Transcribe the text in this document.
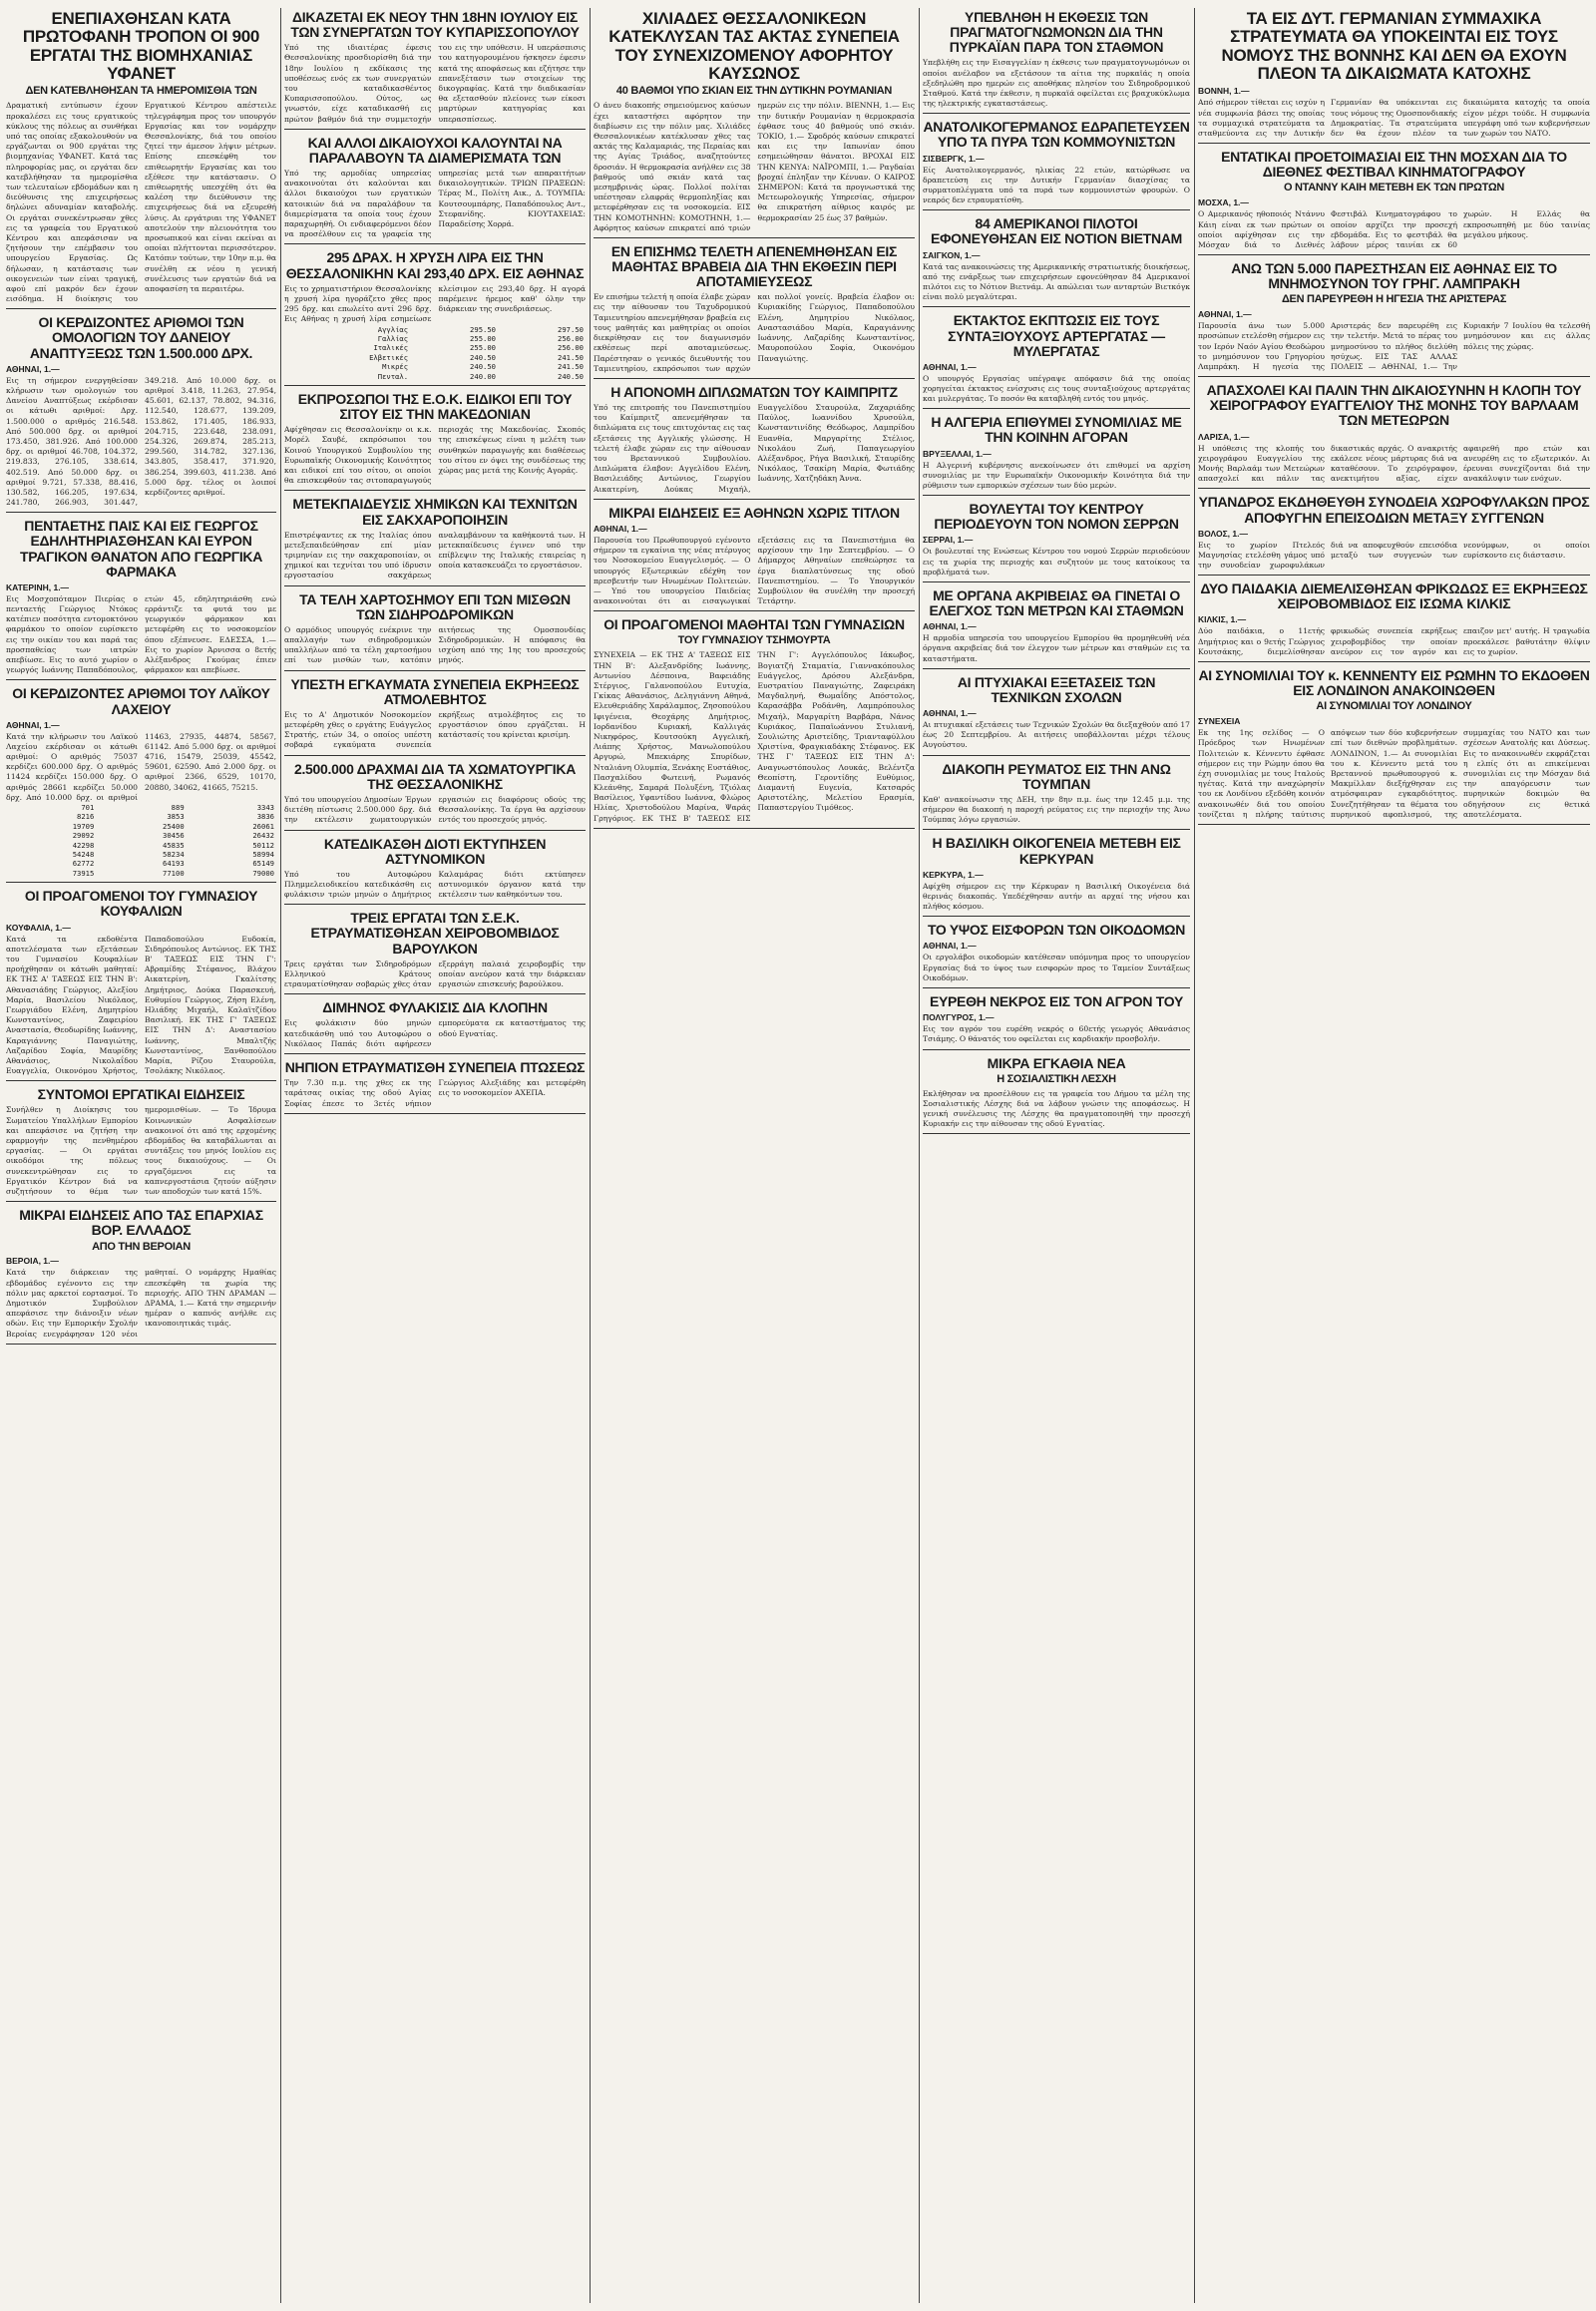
ΕΝΕΠΙΑΧΘΗΣΑΝ ΚΑΤΑ ΠΡΩΤΟΦΑΝΗ ΤΡΟΠΟΝ ΟΙ 900 ΕΡΓΑΤΑΙ ΤΗΣ ΒΙΟΜΗΧΑΝΙΑΣ ΥΦΑΝΕΤ
ΔΕΝ ΚΑΤΕΒΛΗΘΗΣΑΝ ΤΑ ΗΜΕΡΟΜΙΣΘΙΑ ΤΩΝ

Δραματική εντύπωσιν έχουν προκαλέσει εις τους εργατικούς κύκλους της πόλεως αι συνθήκαι υπό τας οποίας εξακολουθούν να εργάζωνται οι 900 εργάται της βιομηχανίας ΥΦΑΝΕΤ. Κατά τας πληροφορίας μας, οι εργάται δεν κατεβλήθησαν τα ημερομίσθια των τελευταίων εβδομάδων και η διεύθυνσις της επιχειρήσεως δηλώνει αδυναμίαν καταβολής. Οι εργάται συνεκέντρωσαν χθες εις τα γραφεία του Εργατικού Κέντρου και απεφάσισαν να ζητήσουν την επέμβασιν του υπουργείου Εργασίας. Ως δήλωσαν, η κατάστασις των οικογενειών των είναι τραγική, αφού επί μακρόν δεν έχουν εισόδημα. Η διοίκησις του Εργατικού Κέντρου απέστειλε τηλεγράφημα προς τον υπουργόν Εργασίας και τον νομάρχην Θεσσαλονίκης, διά του οποίου ζητεί την άμεσον λήψιν μέτρων. Επίσης επεσκέφθη τον επιθεωρητήν Εργασίας και του εξέθεσε την κατάστασιν. Ο επιθεωρητής υπεσχέθη ότι θα καλέση την διεύθυνσιν της επιχειρήσεως διά να εξευρεθή λύσις. Αι εργάτριαι της ΥΦΑΝΕΤ αποτελούν την πλειονότητα του προσωπικού και είναι εκείναι αι οποίαι πλήττονται περισσότερον. Κατόπιν τούτων, την 10ην π.μ. θα συνέλθη εκ νέου η γενική συνέλευσις των εργατών διά να αποφασίση τα περαιτέρω.

ΟΙ ΚΕΡΔΙΖΟΝΤΕΣ ΑΡΙΘΜΟΙ ΤΩΝ ΟΜΟΛΟΓΙΩΝ ΤΟΥ ΔΑΝΕΙΟΥ ΑΝΑΠΤΥΞΕΩΣ ΤΩΝ 1.500.000 ΔΡΧ.
ΑΘΗΝΑΙ, 1.—

Εις τη σήμερον ενεργηθείσαν κλήρωσιν των ομολογιών του Δανείου Αναπτύξεως εκέρδισαν οι κάτωθι αριθμοί: Δρχ. 1.500.000 ο αριθμός 216.548. Από 500.000 δρχ. οι αριθμοί 173.450, 381.926. Από 100.000 δρχ. οι αριθμοί 46.708, 104.372, 219.833, 276.105, 338.614, 402.519. Από 50.000 δρχ. οι αριθμοί 9.721, 57.338, 88.416, 130.582, 166.205, 197.634, 241.780, 266.903, 301.447, 349.218. Από 10.000 δρχ. οι αριθμοί 3.418, 11.263, 27.954, 45.601, 62.137, 78.802, 94.316, 112.540, 128.677, 139.209, 153.862, 171.405, 186.933, 204.715, 223.648, 238.091, 254.326, 269.874, 285.213, 299.560, 314.782, 327.136, 343.805, 358.417, 371.920, 386.254, 399.603, 411.238. Από 5.000 δρχ. τέλος οι λοιποί κερδίζοντες αριθμοί.

ΠΕΝΤΑΕΤΗΣ ΠΑΙΣ ΚΑΙ ΕΙΣ ΓΕΩΡΓΟΣ ΕΔΗΛΗΤΗΡΙΑΣΘΗΣΑΝ ΚΑΙ ΕΥΡΟΝ ΤΡΑΓΙΚΟΝ ΘΑΝΑΤΟΝ ΑΠΟ ΓΕΩΡΓΙΚΑ ΦΑΡΜΑΚΑ
ΚΑΤΕΡΙΝΗ, 1.—

Εις Μοσχοπόταμον Πιερίας ο πενταετής Γεώργιος Ντόκος κατέπιεν ποσότητα εντομοκτόνου φαρμάκου το οποίον ευρίσκετο εις την οικίαν του και παρά τας προσπαθείας των ιατρών απεβίωσε. Εις το αυτό χωρίον ο γεωργός Ιωάννης Παπαδόπουλος, ετών 45, εδηλητηριάσθη ενώ ερράντιζε τα φυτά του με γεωργικόν φάρμακον και μετεφέρθη εις το νοσοκομείον όπου εξέπνευσε. ΕΔΕΣΣΑ, 1.— Εις το χωρίον Άρνισσα ο 8ετής Αλέξανδρος Γκούμας έπιεν φάρμακον και απεβίωσε.

ΟΙ ΚΕΡΔΙΖΟΝΤΕΣ ΑΡΙΘΜΟΙ ΤΟΥ ΛΑΪΚΟΥ ΛΑΧΕΙΟΥ
ΑΘΗΝΑΙ, 1.—

Κατά την κλήρωσιν του Λαϊκού Λαχείου εκέρδισαν οι κάτωθι αριθμοί: Ο αριθμός 75037 κερδίζει 600.000 δρχ. Ο αριθμός 11424 κερδίζει 150.000 δρχ. Ο αριθμός 28661 κερδίζει 50.000 δρχ. Από 10.000 δρχ. οι αριθμοί 11463, 27935, 44874, 58567, 61142. Από 5.000 δρχ. οι αριθμοί 4716, 15479, 25039, 45542, 59601, 62590. Από 2.000 δρχ. οι αριθμοί 2366, 6529, 10170, 20880, 34062, 41665, 75215.

701	889	3343
8216	3853	3836
19709	25400	26061
29092	30456	26432
42298	45835	50112
54248	58234	58994
62772	64193	65149
73915	77100	79000
ΟΙ ΠΡΟΑΓΟΜΕΝΟΙ ΤΟΥ ΓΥΜΝΑΣΙΟΥ ΚΟΥΦΑΛΙΩΝ
ΚΟΥΦΑΛΙΑ, 1.—

Κατά τα εκδοθέντα αποτελέσματα των εξετάσεων του Γυμνασίου Κουφαλίων προήχθησαν οι κάτωθι μαθηταί: ΕΚ ΤΗΣ Α' ΤΑΞΕΩΣ ΕΙΣ ΤΗΝ Β': Αθανασιάδης Γεώργιος, Αλεξίου Μαρία, Βασιλείου Νικόλαος, Γεωργιάδου Ελένη, Δημητρίου Κωνσταντίνος, Ζαφειρίου Αναστασία, Θεοδωρίδης Ιωάννης, Καραγιάννης Παναγιώτης, Λαζαρίδου Σοφία, Μαυρίδης Αθανάσιος, Νικολαΐδου Ευαγγελία, Οικονόμου Χρήστος, Παπαδοπούλου Ευδοκία, Σιδηρόπουλος Αντώνιος. ΕΚ ΤΗΣ Β' ΤΑΞΕΩΣ ΕΙΣ ΤΗΝ Γ': Αβραμίδης Στέφανος, Βλάχου Αικατερίνη, Γκαλίτσης Δημήτριος, Δούκα Παρασκευή, Ευθυμίου Γεώργιος, Ζήση Ελένη, Ηλιάδης Μιχαήλ, Καλαϊτζίδου Βασιλική. ΕΚ ΤΗΣ Γ' ΤΑΞΕΩΣ ΕΙΣ ΤΗΝ Δ': Αναστασίου Ιωάννης, Μπαλτζής Κωνσταντίνος, Ξανθοπούλου Μαρία, Ρίζου Σταυρούλα, Τσολάκης Νικόλαος.

ΣΥΝΤΟΜΟΙ ΕΡΓΑΤΙΚΑΙ ΕΙΔΗΣΕΙΣ

Συνήλθεν η Διοίκησις του Σωματείου Υπαλλήλων Εμπορίου και απεφάσισε να ζητήση την εφαρμογήν της πενθημέρου εργασίας. — Οι εργάται οικοδόμοι της πόλεως συνεκεντρώθησαν εις το Εργατικόν Κέντρον διά να συζητήσουν το θέμα των ημερομισθίων. — Το Ίδρυμα Κοινωνικών Ασφαλίσεων ανακοινοί ότι από της ερχομένης εβδομάδος θα καταβάλωνται αι συντάξεις του μηνός Ιουλίου εις τους δικαιούχους. — Οι εργαζόμενοι εις τα καπνεργοστάσια ζητούν αύξησιν των αποδοχών των κατά 15%.

ΜΙΚΡΑΙ ΕΙΔΗΣΕΙΣ ΑΠΟ ΤΑΣ ΕΠΑΡΧΙΑΣ ΒΟΡ. ΕΛΛΑΔΟΣ
ΑΠΟ ΤΗΝ ΒΕΡΟΙΑΝ
ΒΕΡΟΙΑ, 1.—

Κατά την διάρκειαν της εβδομάδος εγένοντο εις την πόλιν μας αρκετοί εορτασμοί. Το Δημοτικόν Συμβούλιον απεφάσισε την διάνοιξιν νέων οδών. Εις την Εμπορικήν Σχολήν Βεροίας ενεγράφησαν 120 νέοι μαθηταί. Ο νομάρχης Ημαθίας επεσκέφθη τα χωρία της περιοχής. ΑΠΟ ΤΗΝ ΔΡΑΜΑΝ — ΔΡΑΜΑ, 1.— Κατά την σημερινήν ημέραν ο καπνός ανήλθε εις ικανοποιητικάς τιμάς.

ΔΙΚΑΖΕΤΑΙ ΕΚ ΝΕΟΥ ΤΗΝ 18ΗΝ ΙΟΥΛΙΟΥ ΕΙΣ ΤΩΝ ΣΥΝΕΡΓΑΤΩΝ ΤΟΥ ΚΥΠΑΡΙΣΣΟΠΟΥΛΟΥ

Υπό της ιδιαιτέρας έφεσις Θεσσαλονίκης προσδιορίσθη διά την 18ην Ιουλίου η εκδίκασις της υποθέσεως ενός εκ των συνεργατών του καταδικασθέντος Κυπαρισσοπούλου. Ούτος, ως γνωστόν, είχε καταδικασθή εις πρώτον βαθμόν διά την συμμετοχήν του εις την υπόθεσιν. Η υπεράσπισις του κατηγορουμένου ήσκησεν έφεσιν κατά της αποφάσεως και εζήτησε την επανεξέτασιν των στοιχείων της δικογραφίας. Κατά την διαδικασίαν θα εξετασθούν πλείονες των είκοσι μαρτύρων κατηγορίας και υπερασπίσεως.

ΚΑΙ ΑΛΛΟΙ ΔΙΚΑΙΟΥΧΟΙ ΚΑΛΟΥΝΤΑΙ ΝΑ ΠΑΡΑΛΑΒΟΥΝ ΤΑ ΔΙΑΜΕΡΙΣΜΑΤΑ ΤΩΝ

Υπό της αρμοδίας υπηρεσίας ανακοινούται ότι καλούνται και άλλοι δικαιούχοι των εργατικών κατοικιών διά να παραλάβουν τα διαμερίσματα τα οποία τους έχουν παραχωρηθή. Οι ενδιαφερόμενοι δέον να προσέλθουν εις τα γραφεία της υπηρεσίας μετά των απαραιτήτων δικαιολογητικών. ΤΡΙΩΝ ΠΡΑΞΕΩΝ: Τέρας Μ., Πολίτη Αικ., Δ. ΤΟΥΜΠΑ: Κουτσουμπάρης, Παπαδόπουλος Αντ., Στεφανίδης. ΚΙΟΥΤΑΧΕΙΑΣ: Παραδείσης Χορρά.

295 ΔΡΑΧ. Η ΧΡΥΣΗ ΛΙΡΑ ΕΙΣ ΤΗΝ ΘΕΣΣΑΛΟΝΙΚΗΝ ΚΑΙ 293,40 ΔΡΧ. ΕΙΣ ΑΘΗΝΑΣ

Εις το χρηματιστήριον Θεσσαλονίκης η χρυσή λίρα ηγοράζετο χθες προς 295 δρχ. και επωλείτο αντί 296 δρχ. Εις Αθήνας η χρυσή λίρα εσημείωσε κλείσιμον εις 293,40 δρχ. Η αγορά παρέμεινε ήρεμος καθ' όλην την διάρκειαν της συνεδριάσεως.

Αγγλίας	295.50	297.50
Γαλλίας	255.00	256.00
Ιταλικές	255.00	256.00
Ελβετικές	240.50	241.50
Μικρές	240.50	241.50
Πενταλ.	240.00	240.50
ΕΚΠΡΟΣΩΠΟΙ ΤΗΣ Ε.Ο.Κ. ΕΙΔΙΚΟΙ ΕΠΙ ΤΟΥ ΣΙΤΟΥ ΕΙΣ ΤΗΝ ΜΑΚΕΔΟΝΙΑΝ

Αφίχθησαν εις Θεσσαλονίκην οι κ.κ. Μορέλ Σαυβέ, εκπρόσωποι του Κοινού Υπουργικού Συμβουλίου της Ευρωπαϊκής Οικονομικής Κοινότητος και ειδικοί επί του σίτου, οι οποίοι θα επισκεφθούν τας σιτοπαραγωγούς περιοχάς της Μακεδονίας. Σκοπός της επισκέψεως είναι η μελέτη των συνθηκών παραγωγής και διαθέσεως του σίτου εν όψει της συνδέσεως της χώρας μας μετά της Κοινής Αγοράς.

ΜΕΤΕΚΠΑΙΔΕΥΣΙΣ ΧΗΜΙΚΩΝ ΚΑΙ ΤΕΧΝΙΤΩΝ ΕΙΣ ΣΑΚΧΑΡΟΠΟΙΗΣΙΝ

Επιστρέψαντες εκ της Ιταλίας όπου μετεξεπαιδεύθησαν επί μίαν τριμηνίαν εις την σακχαροποιίαν, οι χημικοί και τεχνίται του υπό ίδρυσιν εργοστασίου σακχάρεως αναλαμβάνουν τα καθήκοντά των. Η μετεκπαίδευσις έγινεν υπό την επίβλεψιν της Ιταλικής εταιρείας η οποία κατασκευάζει το εργοστάσιον.

ΤΑ ΤΕΛΗ ΧΑΡΤΟΣΗΜΟΥ ΕΠΙ ΤΩΝ ΜΙΣΘΩΝ ΤΩΝ ΣΙΔΗΡΟΔΡΟΜΙΚΩΝ

Ο αρμόδιος υπουργός ενέκρινε την απαλλαγήν των σιδηροδρομικών υπαλλήλων από τα τέλη χαρτοσήμου επί των μισθών των, κατόπιν αιτήσεως της Ομοσπονδίας Σιδηροδρομικών. Η απόφασις θα ισχύση από της 1ης του προσεχούς μηνός.

ΥΠΕΣΤΗ ΕΓΚΑΥΜΑΤΑ ΣΥΝΕΠΕΙΑ ΕΚΡΗΞΕΩΣ ΑΤΜΟΛΕΒΗΤΟΣ

Εις το Α' Δημοτικόν Νοσοκομείον μετεφέρθη χθες ο εργάτης Ευάγγελος Στρατής, ετών 34, ο οποίος υπέστη σοβαρά εγκαύματα συνεπεία εκρήξεως ατμολέβητος εις το εργοστάσιον όπου εργάζεται. Η κατάστασίς του κρίνεται κρισίμη.

2.500.000 ΔΡΑΧΜΑΙ ΔΙΑ ΤΑ ΧΩΜΑΤΟΥΡΓΙΚΑ ΤΗΣ ΘΕΣΣΑΛΟΝΙΚΗΣ

Υπό του υπουργείου Δημοσίων Έργων διετέθη πίστωσις 2.500.000 δρχ. διά την εκτέλεσιν χωματουργικών εργασιών εις διαφόρους οδούς της Θεσσαλονίκης. Τα έργα θα αρχίσουν εντός του προσεχούς μηνός.

ΚΑΤΕΔΙΚΑΣΘΗ ΔΙΟΤΙ ΕΚΤΥΠΗΣΕΝ ΑΣΤΥΝΟΜΙΚΟΝ

Υπό του Αυτοφώρου Πλημμελειοδικείου κατεδικάσθη εις φυλάκισιν τριών μηνών ο Δημήτριος Καλαμάρας διότι εκτύπησεν αστυνομικόν όργανον κατά την εκτέλεσιν των καθηκόντων του.

ΤΡΕΙΣ ΕΡΓΑΤΑΙ ΤΩΝ Σ.Ε.Κ. ΕΤΡΑΥΜΑΤΙΣΘΗΣΑΝ ΧΕΙΡΟΒΟΜΒΙΔΟΣ ΒΑΡΟΥΛΚΟΝ

Τρεις εργάται των Σιδηροδρόμων Ελληνικού Κράτους ετραυματίσθησαν σοβαρώς χθες όταν εξερράγη παλαιά χειροβομβίς την οποίαν ανεύρον κατά την διάρκειαν εργασιών επισκευής βαρούλκου.

ΔΙΜΗΝΟΣ ΦΥΛΑΚΙΣΙΣ ΔΙΑ ΚΛΟΠΗΝ

Εις φυλάκισιν δύο μηνών κατεδικάσθη υπό του Αυτοφώρου ο Νικόλαος Παπάς διότι αφήρεσεν εμπορεύματα εκ καταστήματος της οδού Εγνατίας.

ΝΗΠΙΟΝ ΕΤΡΑΥΜΑΤΙΣΘΗ ΣΥΝΕΠΕΙΑ ΠΤΩΣΕΩΣ

Την 7.30 π.μ. της χθες εκ της ταράτσας οικίας της οδού Αγίας Σοφίας έπεσε το 3ετές νήπιον Γεώργιος Αλεξιάδης και μετεφέρθη εις το νοσοκομείον ΑΧΕΠΑ.

ΧΙΛΙΑΔΕΣ ΘΕΣΣΑΛΟΝΙΚΕΩΝ ΚΑΤΕΚΛΥΣΑΝ ΤΑΣ ΑΚΤΑΣ ΣΥΝΕΠΕΙΑ ΤΟΥ ΣΥΝΕΧΙΖΟΜΕΝΟΥ ΑΦΟΡΗΤΟΥ ΚΑΥΣΩΝΟΣ
40 ΒΑΘΜΟΙ ΥΠΟ ΣΚΙΑΝ ΕΙΣ ΤΗΝ ΔΥΤΙΚΗΝ ΡΟΥΜΑΝΙΑΝ

Ο άνευ διακοπής σημειούμενος καύσων έχει καταστήσει αφόρητον την διαβίωσιν εις την πόλιν μας. Χιλιάδες Θεσσαλονικέων κατέκλυσαν χθες τας ακτάς της Καλαμαριάς, της Περαίας και της Αγίας Τριάδος, αναζητούντες δροσιάν. Η θερμοκρασία ανήλθεν εις 38 βαθμούς υπό σκιάν κατά τας μεσημβρινάς ώρας. Πολλοί πολίται υπέστησαν ελαφράς θερμοπληξίας και μετεφέρθησαν εις τα νοσοκομεία. ΕΙΣ ΤΗΝ ΚΟΜΟΤΗΝΗΝ: ΚΟΜΟΤΗΝΗ, 1.— Αφόρητος καύσων επικρατεί από τριών ημερών εις την πόλιν. ΒΙΕΝΝΗ, 1.— Εις την δυτικήν Ρουμανίαν η θερμοκρασία έφθασε τους 40 βαθμούς υπό σκιάν. ΤΟΚΙΟ, 1.— Σφοδρός καύσων επικρατεί και εις την Ιαπωνίαν όπου εσημειώθησαν θάνατοι. ΒΡΟΧΑΙ ΕΙΣ ΤΗΝ ΚΕΝΥΑ: ΝΑΪΡΟΜΠΙ, 1.— Ραγδαίαι βροχαί έπληξαν την Κένυαν. Ο ΚΑΙΡΟΣ ΣΗΜΕΡΟΝ: Κατά τα προγνωστικά της Μετεωρολογικής Υπηρεσίας, σήμερον θα επικρατήση αίθριος καιρός με θερμοκρασίαν 25 έως 37 βαθμών.

ΕΝ ΕΠΙΣΗΜΩ ΤΕΛΕΤΗ ΑΠΕΝΕΜΗΘΗΣΑΝ ΕΙΣ ΜΑΘΗΤΑΣ ΒΡΑΒΕΙΑ ΔΙΑ ΤΗΝ ΕΚΘΕΣΙΝ ΠΕΡΙ ΑΠΟΤΑΜΙΕΥΣΕΩΣ

Εν επισήμω τελετή η οποία έλαβε χώραν εις την αίθουσαν του Ταχυδρομικού Ταμιευτηρίου απενεμήθησαν βραβεία εις τους μαθητάς και μαθητρίας οι οποίοι διεκρίθησαν εις τον διαγωνισμόν εκθέσεως περί αποταμιεύσεως. Παρέστησαν ο γενικός διευθυντής του Ταμιευτηρίου, εκπρόσωποι των αρχών και πολλοί γονείς. Βραβεία έλαβον οι: Κυριακίδης Γεώργιος, Παπαδοπούλου Ελένη, Δημητρίου Νικόλαος, Αναστασιάδου Μαρία, Καραγιάννης Ιωάννης, Λαζαρίδης Κωνσταντίνος, Μαυροπούλου Σοφία, Οικονόμου Παναγιώτης.

Η ΑΠΟΝΟΜΗ ΔΙΠΛΩΜΑΤΩΝ ΤΟΥ ΚΑΙΜΠΡΙΤΖ

Υπό της επιτροπής του Πανεπιστημίου του Καίμπριτζ απενεμήθησαν τα διπλώματα εις τους επιτυχόντας εις τας εξετάσεις της Αγγλικής γλώσσης. Η τελετή έλαβε χώραν εις την αίθουσαν του Βρεταννικού Συμβουλίου. Διπλώματα έλαβον: Αγγελίδου Ελένη, Βασιλειάδης Αντώνιος, Γεωργίου Αικατερίνη, Δούκας Μιχαήλ, Ευαγγελίδου Σταυρούλα, Ζαχαριάδης Παύλος, Ιωαννίδου Χρυσούλα, Κωνσταντινίδης Θεόδωρος, Λαμπρίδου Ευανθία, Μαργαρίτης Στέλιος, Νικολάου Ζωή, Παπαγεωργίου Αλέξανδρος, Ρήγα Βασιλική, Σταυρίδης Νικόλαος, Τσακίρη Μαρία, Φωτιάδης Ιωάννης, Χατζηδάκη Άννα.

ΜΙΚΡΑΙ ΕΙΔΗΣΕΙΣ ΕΞ ΑΘΗΝΩΝ ΧΩΡΙΣ ΤΙΤΛΟΝ
ΑΘΗΝΑΙ, 1.—

Παρουσία του Πρωθυπουργού εγένοντο σήμερον τα εγκαίνια της νέας πτέρυγος του Νοσοκομείου Ευαγγελισμός. — Ο υπουργός Εξωτερικών εδέχθη τον πρεσβευτήν των Ηνωμένων Πολιτειών. — Υπό του υπουργείου Παιδείας ανακοινούται ότι αι εισαγωγικαί εξετάσεις εις τα Πανεπιστήμια θα αρχίσουν την 1ην Σεπτεμβρίου. — Ο Δήμαρχος Αθηναίων επεθεώρησε τα έργα διαπλατύνσεως της οδού Πανεπιστημίου. — Το Υπουργικόν Συμβούλιον θα συνέλθη την προσεχή Τετάρτην.

ΟΙ ΠΡΟΑΓΟΜΕΝΟΙ ΜΑΘΗΤΑΙ ΤΩΝ ΓΥΜΝΑΣΙΩΝ
ΤΟΥ ΓΥΜΝΑΣΙΟΥ ΤΣΗΜΟΥΡΤΑ

ΣΥΝΕΧΕΙΑ — ΕΚ ΤΗΣ Α' ΤΑΞΕΩΣ ΕΙΣ ΤΗΝ Β': Αλεξανδρίδης Ιωάννης, Αντωνίου Δέσποινα, Βαφειάδης Στέργιος, Γαλανοπούλου Ευτυχία, Γκίκας Αθανάσιος, Δεληγιάννη Αθηνά, Ελευθεριάδης Χαράλαμπος, Ζησοπούλου Ιφιγένεια, Θεοχάρης Δημήτριος, Ιορδανίδου Κυριακή, Καλλιγάς Νικηφόρος, Κουτσούκη Αγγελική, Λιάπης Χρήστος, Μανωλοπούλου Αργυρώ, Μπεκιάρης Σπυρίδων, Νταλιάνη Ολυμπία, Ξενάκης Ευστάθιος, Πασχαλίδου Φωτεινή, Ρωμανός Κλεάνθης, Σαμαρά Πολυξένη, Τζιόλας Βασίλειος, Υφαντίδου Ιωάννα, Φλώρος Ηλίας, Χριστοδούλου Μαρίνα, Ψαράς Γρηγόριος. ΕΚ ΤΗΣ Β' ΤΑΞΕΩΣ ΕΙΣ ΤΗΝ Γ': Αγγελόπουλος Ιάκωβος, Βογιατζή Σταματία, Γιαννακόπουλος Ευάγγελος, Δρόσου Αλεξάνδρα, Ευστρατίου Παναγιώτης, Ζαφειράκη Μαγδαληνή, Θωμαΐδης Απόστολος, Καρασάββα Ροδάνθη, Λαμπρόπουλος Μιχαήλ, Μαργαρίτη Βαρβάρα, Νάνος Κυριάκος, Παπαϊωάννου Στυλιανή, Σουλιώτης Αριστείδης, Τριανταφύλλου Χριστίνα, Φραγκιαδάκης Στέφανος. ΕΚ ΤΗΣ Γ' ΤΑΞΕΩΣ ΕΙΣ ΤΗΝ Δ': Αναγνωστόπουλος Λουκάς, Βελέντζα Θεοπίστη, Γεροντίδης Ευθύμιος, Διαμαντή Ευγενία, Κατσαρός Αριστοτέλης, Μελετίου Ερασμία, Παπαστεργίου Τιμόθεος.

ΥΠΕΒΛΗΘΗ Η ΕΚΘΕΣΙΣ ΤΩΝ ΠΡΑΓΜΑΤΟΓΝΩΜΟΝΩΝ ΔΙΑ ΤΗΝ ΠΥΡΚΑΪΑΝ ΠΑΡΑ ΤΟΝ ΣΤΑΘΜΟΝ

Υπεβλήθη εις την Εισαγγελίαν η έκθεσις των πραγματογνωμόνων οι οποίοι ανέλαβον να εξετάσουν τα αίτια της πυρκαϊάς η οποία εξεδηλώθη προ ημερών εις αποθήκας πλησίον του Σιδηροδρομικού Σταθμού. Κατά την έκθεσιν, η πυρκαϊά οφείλεται εις βραχυκύκλωμα της ηλεκτρικής εγκαταστάσεως.

ΑΝΑΤΟΛΙΚΟΓΕΡΜΑΝΟΣ ΕΔΡΑΠΕΤΕΥΣΕΝ ΥΠΟ ΤΑ ΠΥΡΑ ΤΩΝ ΚΟΜΜΟΥΝΙΣΤΩΝ
ΣΙΣΒΕΡΓΚ, 1.—

Είς Ανατολικογερμανός, ηλικίας 22 ετών, κατώρθωσε να δραπετεύση εις την Δυτικήν Γερμανίαν διασχίσας τα συρματοπλέγματα υπό τα πυρά των κομμουνιστών φρουρών. Ο νεαρός δεν ετραυματίσθη.

84 ΑΜΕΡΙΚΑΝΟΙ ΠΙΛΟΤΟΙ ΕΦΟΝΕΥΘΗΣΑΝ ΕΙΣ ΝΟΤΙΟΝ ΒΙΕΤΝΑΜ
ΣΑΙΓΚΟΝ, 1.—

Κατά τας ανακοινώσεις της Αμερικανικής στρατιωτικής διοικήσεως, από της ενάρξεως των επιχειρήσεων εφονεύθησαν 84 Αμερικανοί πιλότοι εις το Νότιον Βιετνάμ. Αι απώλειαι των ανταρτών Βιετκόγκ είναι πολύ μεγαλύτεραι.

ΕΚΤΑΚΤΟΣ ΕΚΠΤΩΣΙΣ ΕΙΣ ΤΟΥΣ ΣΥΝΤΑΞΙΟΥΧΟΥΣ ΑΡΤΕΡΓΑΤΑΣ — ΜΥΛΕΡΓΑΤΑΣ
ΑΘΗΝΑΙ, 1.—

Ο υπουργός Εργασίας υπέγραψε απόφασιν διά της οποίας χορηγείται έκτακτος ενίσχυσις εις τους συνταξιούχους αρτεργάτας και μυλεργάτας. Το ποσόν θα καταβληθή εντός του μηνός.

Η ΑΛΓΕΡΙΑ ΕΠΙΘΥΜΕΙ ΣΥΝΟΜΙΛΙΑΣ ΜΕ ΤΗΝ ΚΟΙΝΗΝ ΑΓΟΡΑΝ
ΒΡΥΞΕΛΛΑΙ, 1.—

Η Αλγερινή κυβέρνησις ανεκοίνωσεν ότι επιθυμεί να αρχίση συνομιλίας με την Ευρωπαϊκήν Οικονομικήν Κοινότητα διά την ρύθμισιν των εμπορικών σχέσεων των δύο μερών.

ΒΟΥΛΕΥΤΑΙ ΤΟΥ ΚΕΝΤΡΟΥ ΠΕΡΙΟΔΕΥΟΥΝ ΤΟΝ ΝΟΜΟΝ ΣΕΡΡΩΝ
ΣΕΡΡΑΙ, 1.—

Οι βουλευταί της Ενώσεως Κέντρου του νομού Σερρών περιοδεύουν εις τα χωρία της περιοχής και συζητούν με τους κατοίκους τα προβλήματά των.

ΜΕ ΟΡΓΑΝΑ ΑΚΡΙΒΕΙΑΣ ΘΑ ΓΙΝΕΤΑΙ Ο ΕΛΕΓΧΟΣ ΤΩΝ ΜΕΤΡΩΝ ΚΑΙ ΣΤΑΘΜΩΝ
ΑΘΗΝΑΙ, 1.—

Η αρμοδία υπηρεσία του υπουργείου Εμπορίου θα προμηθευθή νέα όργανα ακριβείας διά τον έλεγχον των μέτρων και σταθμών εις τα καταστήματα.

ΑΙ ΠΤΥΧΙΑΚΑΙ ΕΞΕΤΑΣΕΙΣ ΤΩΝ ΤΕΧΝΙΚΩΝ ΣΧΟΛΩΝ
ΑΘΗΝΑΙ, 1.—

Αι πτυχιακαί εξετάσεις των Τεχνικών Σχολών θα διεξαχθούν από 17 έως 20 Σεπτεμβρίου. Αι αιτήσεις υποβάλλονται μέχρι τέλους Αυγούστου.

ΔΙΑΚΟΠΗ ΡΕΥΜΑΤΟΣ ΕΙΣ ΤΗΝ ΑΝΩ ΤΟΥΜΠΑΝ

Καθ' ανακοίνωσιν της ΔΕΗ, την 8ην π.μ. έως την 12.45 μ.μ. της σήμερον θα διακοπή η παροχή ρεύματος εις την περιοχήν της Άνω Τούμπας λόγω εργασιών.

Η ΒΑΣΙΛΙΚΗ ΟΙΚΟΓΕΝΕΙΑ ΜΕΤΕΒΗ ΕΙΣ ΚΕΡΚΥΡΑΝ
ΚΕΡΚΥΡΑ, 1.—

Αφίχθη σήμερον εις την Κέρκυραν η Βασιλική Οικογένεια διά θερινάς διακοπάς. Υπεδέχθησαν αυτήν αι αρχαί της νήσου και πλήθος κόσμου.

ΤΟ ΥΨΟΣ ΕΙΣΦΟΡΩΝ ΤΩΝ ΟΙΚΟΔΟΜΩΝ
ΑΘΗΝΑΙ, 1.—

Οι εργολάβοι οικοδομών κατέθεσαν υπόμνημα προς το υπουργείον Εργασίας διά το ύψος των εισφορών προς το Ταμείον Συντάξεως Οικοδόμων.

ΕΥΡΕΘΗ ΝΕΚΡΟΣ ΕΙΣ ΤΟΝ ΑΓΡΟΝ ΤΟΥ
ΠΟΛΥΓΥΡΟΣ, 1.—

Εις τον αγρόν του ευρέθη νεκρός ο 60ετής γεωργός Αθανάσιος Τσιάμης. Ο θάνατός του οφείλεται εις καρδιακήν προσβολήν.

ΜΙΚΡΑ ΕΓΚΑΘΙΑ ΝΕΑ
Η ΣΟΣΙΑΛΙΣΤΙΚΗ ΛΕΣΧΗ

Εκλήθησαν να προσέλθουν εις τα γραφεία του Δήμου τα μέλη της Σοσιαλιστικής Λέσχης διά να λάβουν γνώσιν της αποφάσεως. Η γενική συνέλευσις της Λέσχης θα πραγματοποιηθή την προσεχή Κυριακήν εις την αίθουσαν της οδού Εγνατίας.

ΤΑ ΕΙΣ ΔΥΤ. ΓΕΡΜΑΝΙΑΝ ΣΥΜΜΑΧΙΚΑ ΣΤΡΑΤΕΥΜΑΤΑ ΘΑ ΥΠΟΚΕΙΝΤΑΙ ΕΙΣ ΤΟΥΣ ΝΟΜΟΥΣ ΤΗΣ ΒΟΝΝΗΣ ΚΑΙ ΔΕΝ ΘΑ ΕΧΟΥΝ ΠΛΕΟΝ ΤΑ ΔΙΚΑΙΩΜΑΤΑ ΚΑΤΟΧΗΣ
ΒΟΝΝΗ, 1.—

Από σήμερον τίθεται εις ισχύν η νέα συμφωνία βάσει της οποίας τα συμμαχικά στρατεύματα τα σταθμεύοντα εις την Δυτικήν Γερμανίαν θα υπόκεινται εις τους νόμους της Ομοσπονδιακής Δημοκρατίας. Τα στρατεύματα δεν θα έχουν πλέον τα δικαιώματα κατοχής τα οποία είχον μέχρι τούδε. Η συμφωνία υπεγράφη υπό των κυβερνήσεων των χωρών του ΝΑΤΟ.

ΕΝΤΑΤΙΚΑΙ ΠΡΟΕΤΟΙΜΑΣΙΑΙ ΕΙΣ ΤΗΝ ΜΟΣΧΑΝ ΔΙΑ ΤΟ ΔΙΕΘΝΕΣ ΦΕΣΤΙΒΑΛ ΚΙΝΗΜΑΤΟΓΡΑΦΟΥ
Ο ΝΤΑΝΝΥ ΚΑΙΗ ΜΕΤΕΒΗ ΕΚ ΤΩΝ ΠΡΩΤΩΝ
ΜΟΣΧΑ, 1.—

Ο Αμερικανός ηθοποιός Ντάννυ Κάιη είναι εκ των πρώτων οι οποίοι αφίχθησαν εις την Μόσχαν διά το Διεθνές Φεστιβάλ Κινηματογράφου το οποίον αρχίζει την προσεχή εβδομάδα. Εις το φεστιβάλ θα λάβουν μέρος ταινίαι εκ 60 χωρών. Η Ελλάς θα εκπροσωπηθή με δύο ταινίας μεγάλου μήκους.

ΑΝΩ ΤΩΝ 5.000 ΠΑΡΕΣΤΗΣΑΝ ΕΙΣ ΑΘΗΝΑΣ ΕΙΣ ΤΟ ΜΝΗΜΟΣΥΝΟΝ ΤΟΥ ΓΡΗΓ. ΛΑΜΠΡΑΚΗ
ΔΕΝ ΠΑΡΕΥΡΕΘΗ Η ΗΓΕΣΙΑ ΤΗΣ ΑΡΙΣΤΕΡΑΣ
ΑΘΗΝΑΙ, 1.—

Παρουσία άνω των 5.000 προσώπων ετελέσθη σήμερον εις τον Ιερόν Ναόν Αγίου Θεοδώρου το μνημόσυνον του Γρηγορίου Λαμπράκη. Η ηγεσία της Αριστεράς δεν παρευρέθη εις την τελετήν. Μετά το πέρας του μνημοσύνου το πλήθος διελύθη ησύχως. ΕΙΣ ΤΑΣ ΑΛΛΑΣ ΠΟΛΕΙΣ — ΑΘΗΝΑΙ, 1.— Την Κυριακήν 7 Ιουλίου θα τελεσθή μνημόσυνον και εις άλλας πόλεις της χώρας.

ΑΠΑΣΧΟΛΕΙ ΚΑΙ ΠΑΛΙΝ ΤΗΝ ΔΙΚΑΙΟΣΥΝΗΝ Η ΚΛΟΠΗ ΤΟΥ ΧΕΙΡΟΓΡΑΦΟΥ ΕΥΑΓΓΕΛΙΟΥ ΤΗΣ ΜΟΝΗΣ ΤΟΥ ΒΑΡΛΑΑΜ ΤΩΝ ΜΕΤΕΩΡΩΝ
ΛΑΡΙΣΑ, 1.—

Η υπόθεσις της κλοπής του χειρογράφου Ευαγγελίου της Μονής Βαρλαάμ των Μετεώρων απασχολεί και πάλιν τας δικαστικάς αρχάς. Ο ανακριτής εκάλεσε νέους μάρτυρας διά να καταθέσουν. Το χειρόγραφον, ανεκτιμήτου αξίας, είχεν αφαιρεθή προ ετών και ανευρέθη εις το εξωτερικόν. Αι έρευναι συνεχίζονται διά την ανακάλυψιν των ενόχων.

ΥΠΑΝΔΡΟΣ ΕΚΔΗΘΕΥΘΗ ΣΥΝΟΔΕΙΑ ΧΩΡΟΦΥΛΑΚΩΝ ΠΡΟΣ ΑΠΟΦΥΓΗΝ ΕΠΕΙΣΟΔΙΩΝ ΜΕΤΑΞΥ ΣΥΓΓΕΝΩΝ
ΒΟΛΟΣ, 1.—

Εις το χωρίον Πτελεός Μαγνησίας ετελέσθη γάμος υπό την συνοδείαν χωροφυλάκων διά να αποφευχθούν επεισόδια μεταξύ των συγγενών των νεονύμφων, οι οποίοι ευρίσκοντο εις διάστασιν.

ΔΥΟ ΠΑΙΔΑΚΙΑ ΔΙΕΜΕΛΙΣΘΗΣΑΝ ΦΡΙΚΩΔΩΣ ΕΞ ΕΚΡΗΞΕΩΣ ΧΕΙΡΟΒΟΜΒΙΔΟΣ ΕΙΣ ΙΣΩΜΑ ΚΙΛΚΙΣ
ΚΙΛΚΙΣ, 1.—

Δύο παιδάκια, ο 11ετής Δημήτριος και ο 9ετής Γεώργιος Κουτσάκης, διεμελίσθησαν φρικωδώς συνεπεία εκρήξεως χειροβομβίδος την οποίαν ανεύρον εις τον αγρόν και επαιζον μετ' αυτής. Η τραγωδία προεκάλεσε βαθυτάτην θλίψιν εις το χωρίον.

ΑΙ ΣΥΝΟΜΙΛΙΑΙ ΤΟΥ κ. ΚΕΝΝΕΝΤΥ ΕΙΣ ΡΩΜΗΝ ΤΟ ΕΚΔΟΘΕΝ ΕΙΣ ΛΟΝΔΙΝΟΝ ΑΝΑΚΟΙΝΩΘΕΝ
ΑΙ ΣΥΝΟΜΙΛΙΑΙ ΤΟΥ ΛΟΝΔΙΝΟΥ
ΣΥΝΕΧΕΙΑ

Εκ της 1ης σελίδος — Ο Πρόεδρος των Ηνωμένων Πολιτειών κ. Κέννεντυ έφθασε σήμερον εις την Ρώμην όπου θα έχη συνομιλίας με τους Ιταλούς ηγέτας. Κατά την αναχώρησίν του εκ Λονδίνου εξεδόθη κοινόν ανακοινωθέν διά του οποίου τονίζεται η πλήρης ταύτισις απόψεων των δύο κυβερνήσεων επί των διεθνών προβλημάτων. ΛΟΝΔΙΝΟΝ, 1.— Αι συνομιλίαι του κ. Κέννεντυ μετά του Βρεταννού πρωθυπουργού κ. Μακμίλλαν διεξήχθησαν εις ατμόσφαιραν εγκαρδιότητος. Συνεζητήθησαν τα θέματα του πυρηνικού αφοπλισμού, της συμμαχίας του ΝΑΤΟ και των σχέσεων Ανατολής και Δύσεως. Εις το ανακοινωθέν εκφράζεται η ελπίς ότι αι επικείμεναι συνομιλίαι εις την Μόσχαν διά την απαγόρευσιν των πυρηνικών δοκιμών θα οδηγήσουν εις θετικά αποτελέσματα.
